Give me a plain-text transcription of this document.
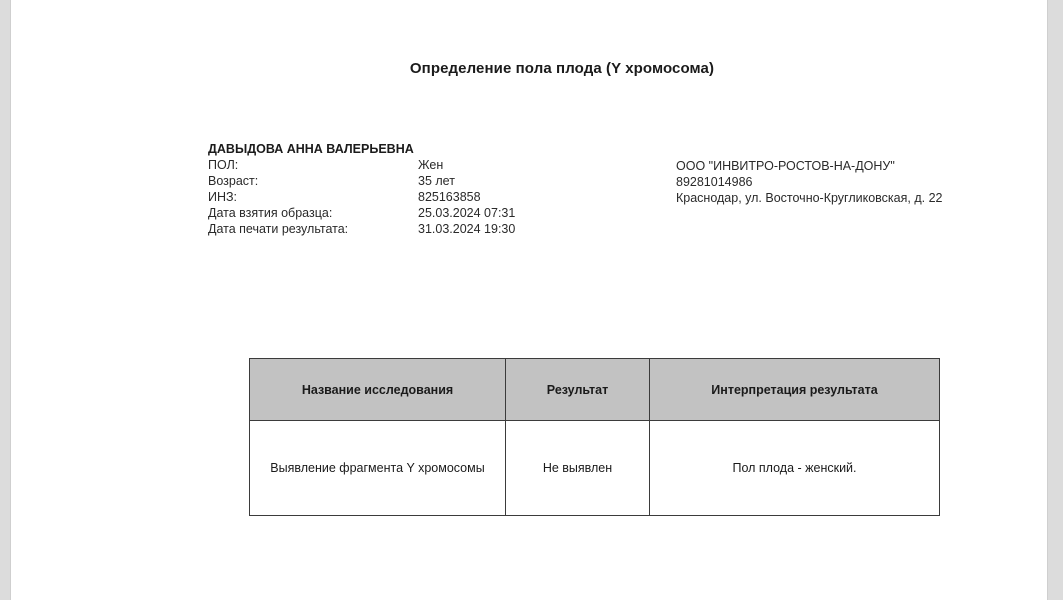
Определение пола плода (Y хромосома)
ДАВЫДОВА АННА ВАЛЕРЬЕВНА
ПОЛ:	Жен
Возраст:	35 лет
ИНЗ:	825163858
Дата взятия образца:	25.03.2024 07:31
Дата печати результата:	31.03.2024 19:30
ООО "ИНВИТРО-РОСТОВ-НА-ДОНУ"
89281014986
Краснодар, ул. Восточно-Кругликовская, д. 22
Название исследования	Результат	Интерпретация результата
Выявление фрагмента Y хромосомы	Не выявлен	Пол плода - женский.
